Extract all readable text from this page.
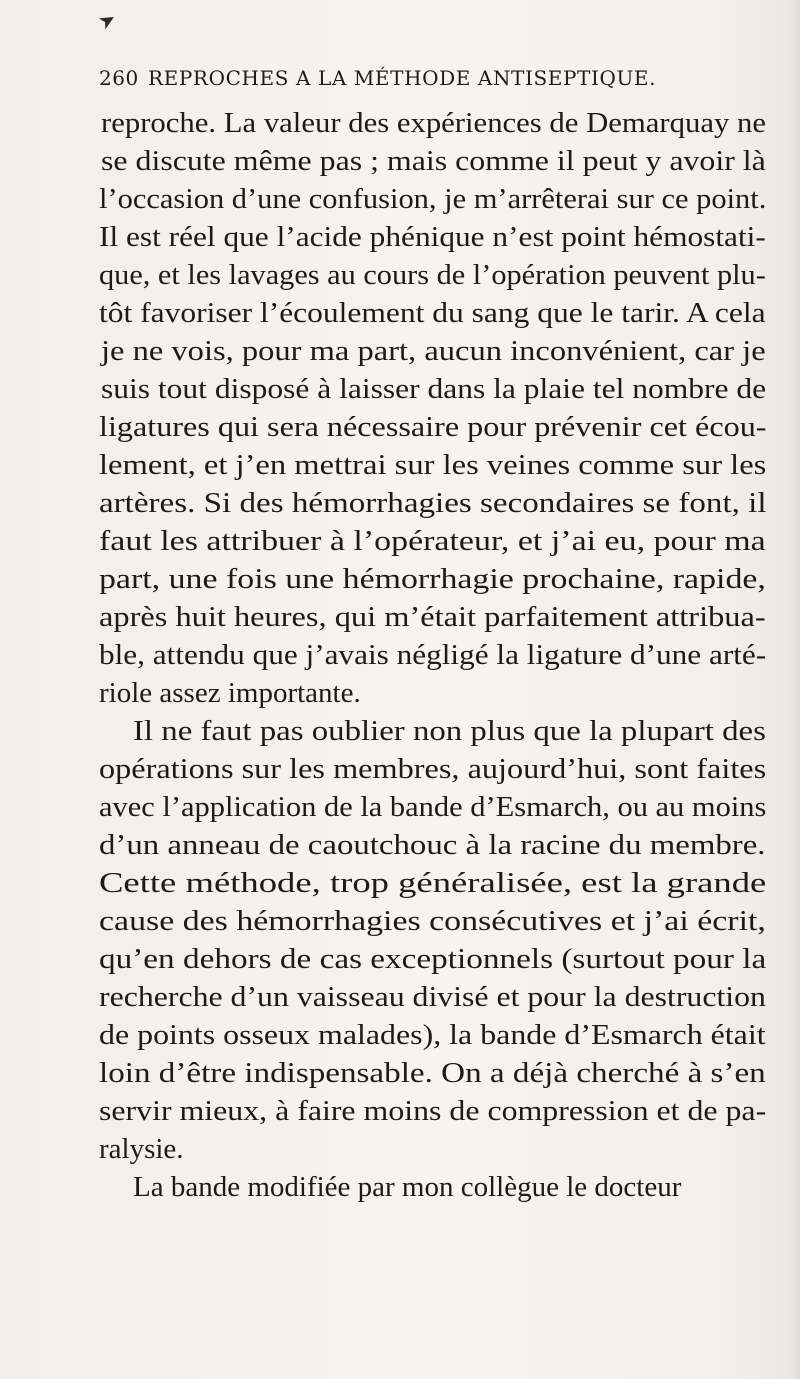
➤
260 REPROCHES A LA MÉTHODE ANTISEPTIQUE.
reproche. La valeur des expériences de Demarquay ne
se discute même pas ; mais comme il peut y avoir là
l’occasion d’une confusion, je m’arrêterai sur ce point.
Il est réel que l’acide phénique n’est point hémostati-
que, et les lavages au cours de l’opération peuvent plu-
tôt favoriser l’écoulement du sang que le tarir. A cela
je ne vois, pour ma part, aucun inconvénient, car je
suis tout disposé à laisser dans la plaie tel nombre de
ligatures qui sera nécessaire pour prévenir cet écou-
lement, et j’en mettrai sur les veines comme sur les
artères. Si des hémorrhagies secondaires se font, il
faut les attribuer à l’opérateur, et j’ai eu, pour ma
part, une fois une hémorrhagie prochaine, rapide,
après huit heures, qui m’était parfaitement attribua-
ble, attendu que j’avais négligé la ligature d’une arté-
riole assez importante.
Il ne faut pas oublier non plus que la plupart des
opérations sur les membres, aujourd’hui, sont faites
avec l’application de la bande d’Esmarch, ou au moins
d’un anneau de caoutchouc à la racine du membre.
Cette méthode, trop généralisée, est la grande
cause des hémorrhagies consécutives et j’ai écrit,
qu’en dehors de cas exceptionnels (surtout pour la
recherche d’un vaisseau divisé et pour la destruction
de points osseux malades), la bande d’Esmarch était
loin d’être indispensable. On a déjà cherché à s’en
servir mieux, à faire moins de compression et de pa-
ralysie.
La bande modifiée par mon collègue le docteur
